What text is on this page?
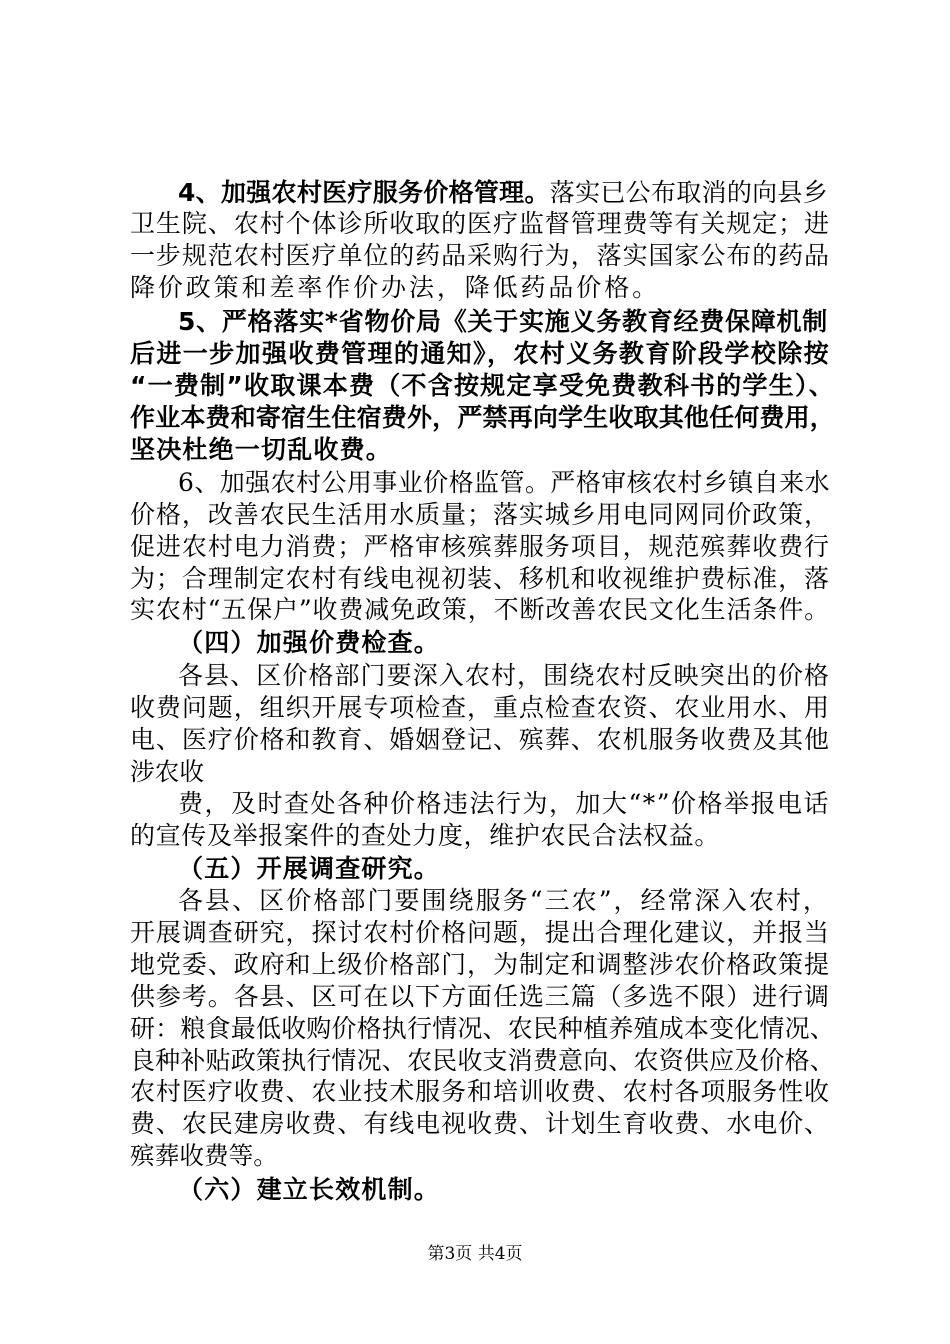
4、加强农村医疗服务价格管理。落实已公布取消的向县乡
卫生院、农村个体诊所收取的医疗监督管理费等有关规定；进
一步规范农村医疗单位的药品采购行为，落实国家公布的药品
降价政策和差率作价办法，降低药品价格。
5、严格落实*省物价局《关于实施义务教育经费保障机制
后进一步加强收费管理的通知》，农村义务教育阶段学校除按
“一费制”收取课本费（不含按规定享受免费教科书的学生）、
作业本费和寄宿生住宿费外，严禁再向学生收取其他任何费用，
坚决杜绝一切乱收费。
6、加强农村公用事业价格监管。严格审核农村乡镇自来水
价格，改善农民生活用水质量；落实城乡用电同网同价政策，
促进农村电力消费；严格审核殡葬服务项目，规范殡葬收费行
为；合理制定农村有线电视初装、移机和收视维护费标准，落
实农村“五保户”收费减免政策，不断改善农民文化生活条件。
（四）加强价费检查。
各县、区价格部门要深入农村，围绕农村反映突出的价格
收费问题，组织开展专项检查，重点检查农资、农业用水、用
电、医疗价格和教育、婚姻登记、殡葬、农机服务收费及其他
涉农收
费，及时查处各种价格违法行为，加大“*”价格举报电话
的宣传及举报案件的查处力度，维护农民合法权益。
（五）开展调查研究。
各县、区价格部门要围绕服务“三农”，经常深入农村，
开展调查研究，探讨农村价格问题，提出合理化建议，并报当
地党委、政府和上级价格部门，为制定和调整涉农价格政策提
供参考。各县、区可在以下方面任选三篇（多选不限）进行调
研：粮食最低收购价格执行情况、农民种植养殖成本变化情况、
良种补贴政策执行情况、农民收支消费意向、农资供应及价格、
农村医疗收费、农业技术服务和培训收费、农村各项服务性收
费、农民建房收费、有线电视收费、计划生育收费、水电价、
殡葬收费等。
（六）建立长效机制。
第3页 共4页
